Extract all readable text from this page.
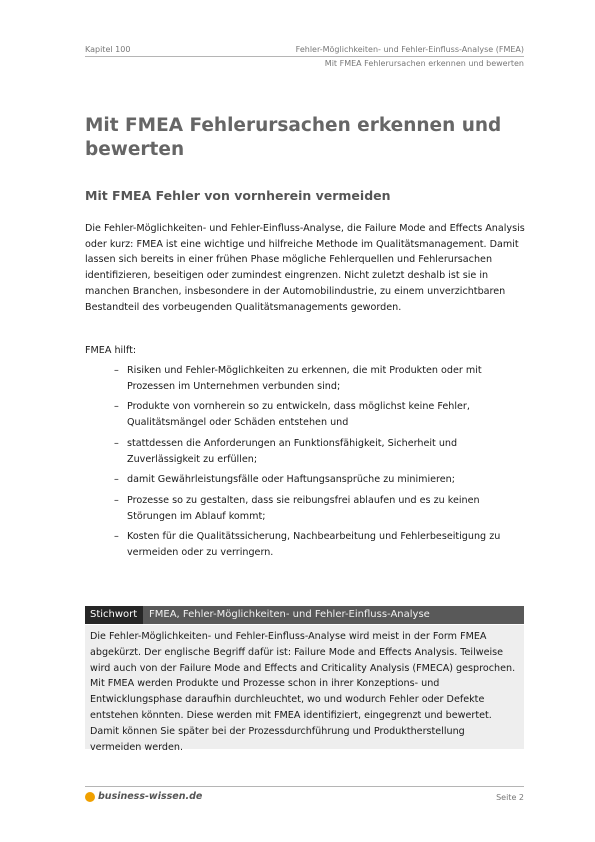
Kapitel 100	Fehler-Möglichkeiten- und Fehler-Einfluss-Analyse (FMEA)
Mit FMEA Fehlerursachen erkennen und bewerten
Mit FMEA Fehlerursachen erkennen und bewerten
Mit FMEA Fehler von vornherein vermeiden

Die Fehler-Möglichkeiten- und Fehler-Einfluss-Analyse, die Failure Mode and Effects Analysis oder kurz: FMEA ist eine wichtige und hilfreiche Methode im Qualitätsmanagement. Damit lassen sich bereits in einer frühen Phase mögliche Fehlerquellen und Fehlerursachen identifizieren, beseitigen oder zumindest eingrenzen. Nicht zuletzt deshalb ist sie in manchen Branchen, insbesondere in der Automobilindustrie, zu einem unverzichtbaren Bestandteil des vorbeugenden Qualitätsmanagements geworden.

FMEA hilft:

– Risiken und Fehler-Möglichkeiten zu erkennen, die mit Produkten oder mit Prozessen im Unternehmen verbunden sind;
– Produkte von vornherein so zu entwickeln, dass möglichst keine Fehler, Qualitätsmängel oder Schäden entstehen und
– stattdessen die Anforderungen an Funktionsfähigkeit, Sicherheit und Zuverlässigkeit zu erfüllen;
– damit Gewährleistungsfälle oder Haftungsansprüche zu minimieren;
– Prozesse so zu gestalten, dass sie reibungsfrei ablaufen und es zu keinen Störungen im Ablauf kommt;
– Kosten für die Qualitätssicherung, Nachbearbeitung und Fehlerbeseitigung zu vermeiden oder zu verringern.
Stichwort	FMEA, Fehler-Möglichkeiten- und Fehler-Einfluss-Analyse
Die Fehler-Möglichkeiten- und Fehler-Einfluss-Analyse wird meist in der Form FMEA abgekürzt. Der englische Begriff dafür ist: Failure Mode and Effects Analysis. Teilweise wird auch von der Failure Mode and Effects and Criticality Analysis (FMECA) gesprochen. Mit FMEA werden Produkte und Prozesse schon in ihrer Konzeptions- und Entwicklungsphase daraufhin durchleuchtet, wo und wodurch Fehler oder Defekte entstehen könnten. Diese werden mit FMEA identifiziert, eingegrenzt und bewertet. Damit können Sie später bei der Prozessdurchführung und Produktherstellung vermeiden werden.
business-wissen.de	Seite 2
